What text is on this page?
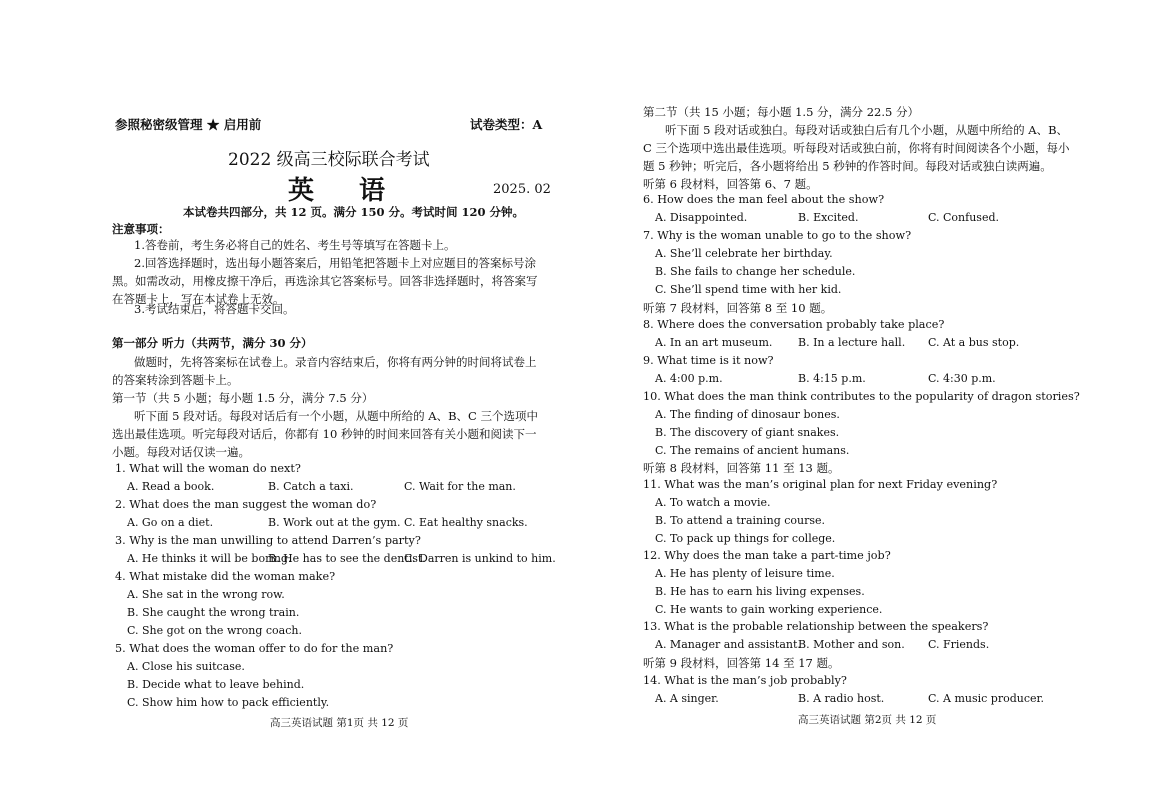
参照秘密级管理 ★ 启用前	试卷类型：A
2022 级高三校际联合考试
英 语	2025. 02
本试卷共四部分，共 12 页。满分 150 分。考试时间 120 分钟。
注意事项：
1.答卷前，考生务必将自己的姓名、考生号等填写在答题卡上。
2.回答选择题时，选出每小题答案后，用铅笔把答题卡上对应题目的答案标号涂黑。如需改动，用橡皮擦干净后，再选涂其它答案标号。回答非选择题时，将答案写在答题卡上，写在本试卷上无效。
3.考试结束后，将答题卡交回。
第一部分 听力（共两节，满分 30 分）
做题时，先将答案标在试卷上。录音内容结束后，你将有两分钟的时间将试卷上的答案转涂到答题卡上。
第一节（共 5 小题；每小题 1.5 分，满分 7.5 分）
听下面 5 段对话。每段对话后有一个小题，从题中所给的 A、B、C 三个选项中选出最佳选项。听完每段对话后，你都有 10 秒钟的时间来回答有关小题和阅读下一小题。每段对话仅读一遍。
1. What will the woman do next?
A. Read a book.	B. Catch a taxi.	C. Wait for the man.
2. What does the man suggest the woman do?
A. Go on a diet.	B. Work out at the gym. C. Eat healthy snacks.
3. Why is the man unwilling to attend Darren’s party?
A. He thinks it will be boring.
B. He has to see the dentist.
C. Darren is unkind to him.
4. What mistake did the woman make?
A. She sat in the wrong row.
B. She caught the wrong train.
C. She got on the wrong coach.
5. What does the woman offer to do for the man?
A. Close his suitcase.
B. Decide what to leave behind.
C. Show him how to pack efficiently.
高三英语试题 第1页 共 12 页
第二节（共 15 小题；每小题 1.5 分，满分 22.5 分）
听下面 5 段对话或独白。每段对话或独白后有几个小题，从题中所给的 A、B、C 三个选项中选出最佳选项。听每段对话或独白前，你将有时间阅读各个小题，每小题 5 秒钟；听完后，各小题将给出 5 秒钟的作答时间。每段对话或独白读两遍。
听第 6 段材料，回答第 6、7 题。
6. How does the man feel about the show?
A. Disappointed.	B. Excited.	C. Confused.
7. Why is the woman unable to go to the show?
A. She’ll celebrate her birthday.
B. She fails to change her schedule.
C. She’ll spend time with her kid.
听第 7 段材料，回答第 8 至 10 题。
8. Where does the conversation probably take place?
A. In an art museum. B. In a lecture hall. C. At a bus stop.
9. What time is it now?
A. 4:00 p.m.	B. 4:15 p.m.	C. 4:30 p.m.
10. What does the man think contributes to the popularity of dragon stories?
A. The finding of dinosaur bones.
B. The discovery of giant snakes.
C. The remains of ancient humans.
听第 8 段材料，回答第 11 至 13 题。
11. What was the man’s original plan for next Friday evening?
A. To watch a movie.
B. To attend a training course.
C. To pack up things for college.
12. Why does the man take a part-time job?
A. He has plenty of leisure time.
B. He has to earn his living expenses.
C. He wants to gain working experience.
13. What is the probable relationship between the speakers?
A. Manager and assistant.
B. Mother and son. C. Friends.
听第 9 段材料，回答第 14 至 17 题。
14. What is the man’s job probably?
A. A singer.	B. A radio host.	C. A music producer.
高三英语试题 第2页 共 12 页
